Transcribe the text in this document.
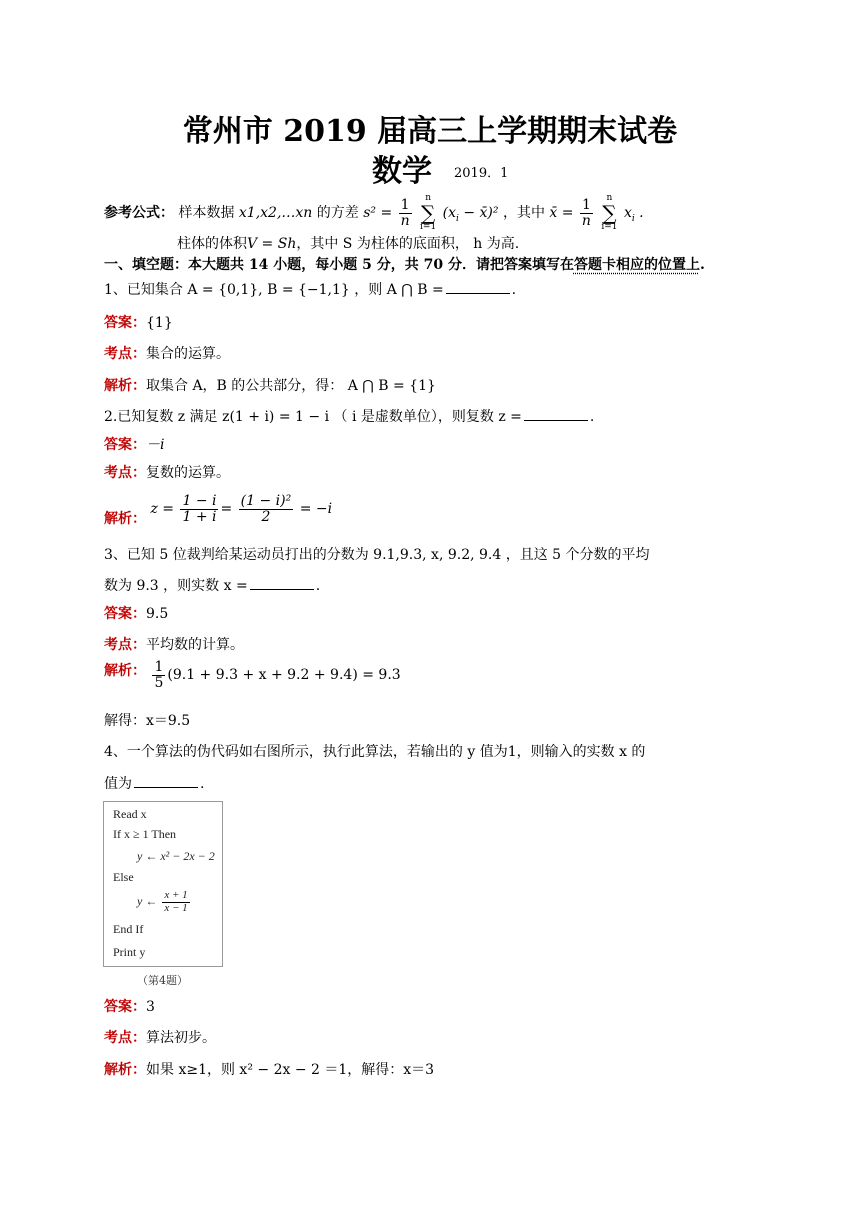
常州市 2019 届高三上学期期末试卷
数学 2019．1
参考公式： 样本数据 x1,x2,…xn 的方差 $s^2 = \frac{1}{n}$ n
∑
i=1 ($x_i$ − x̄)² ，其中 x̄ = $\frac{1}{n}$ n
∑
i=1 $x_i$ .
柱体的体积V = Sh，其中 S 为柱体的底面积， h 为高.
一、填空题：本大题共 14 小题，每小题 5 分，共 70 分．请把答案填写在答题卡相应的位置上.
1、已知集合 A = {0,1}, B = {−1,1} ，则 A ⋂ B =	.
答案：{1}
考点：集合的运算。
解析：取集合 A，B 的公共部分，得： A ⋂ B = {1}
2.已知复数 z 满足 z(1 + i) = 1 − i （ i 是虚数单位），则复数 z =	.
答案：－i
考点：复数的运算。
解析： $z = \frac{1 - i}{1 + i} = \frac{\text{(1 − i)²}}{2} = -i$
3、已知 5 位裁判给某运动员打出的分数为 9.1,9.3, x, 9.2, 9.4 ，且这 5 个分数的平均
数为 9.3 ，则实数 x =	.
答案：9.5
考点：平均数的计算。
解析： $\frac{1}{5} (9.1 + 9.3 + x + 9.2 + 9.4) = 9.3$
解得：x＝9.5
4、一个算法的伪代码如右图所示，执行此算法，若输出的 y 值为1，则输入的实数 x 的
值为	.
Read x
If x ≥ 1 Then
y ← x² − 2x − 2
Else
y ← $\frac{x + 1}{x - 1}$
End If
Print y
（第4题）
答案：3
考点：算法初步。
解析：如果 x≥1，则 x² − 2x − 2 ＝1，解得：x＝3
